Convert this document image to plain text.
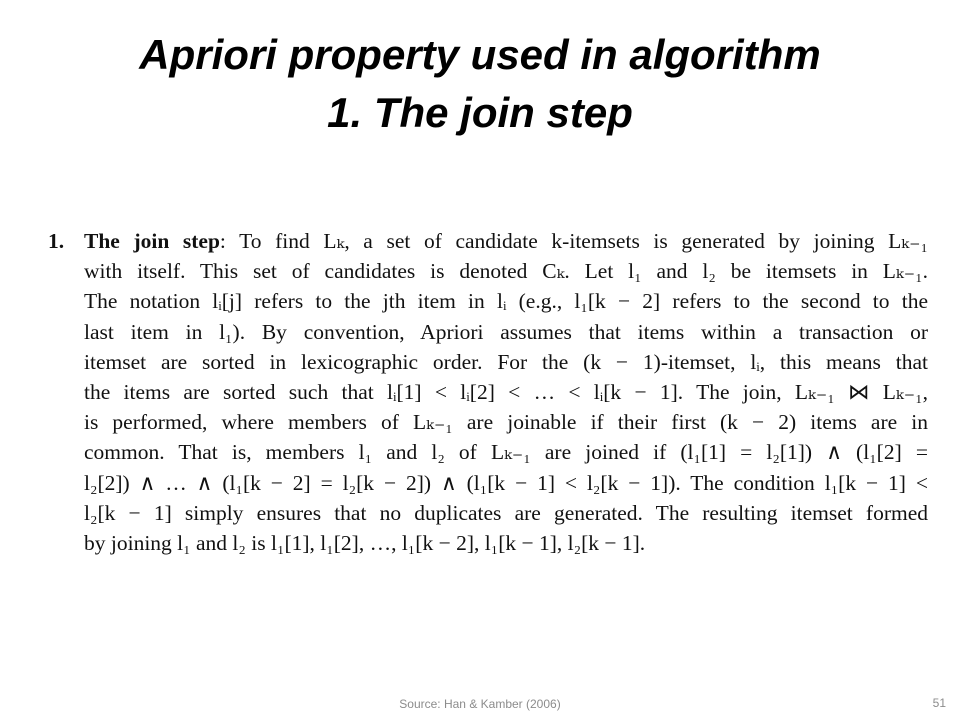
Apriori property used in algorithm
1. The join step
1. The join step: To find Lₖ, a set of candidate k-itemsets is generated by joining Lₖ₋₁
with itself. This set of candidates is denoted Cₖ. Let l₁ and l₂ be itemsets in Lₖ₋₁.
The notation lᵢ[j] refers to the jth item in lᵢ (e.g., l₁[k − 2] refers to the second to the
last item in l₁). By convention, Apriori assumes that items within a transaction or
itemset are sorted in lexicographic order. For the (k − 1)-itemset, lᵢ, this means that
the items are sorted such that lᵢ[1] < lᵢ[2] < … < lᵢ[k − 1]. The join, Lₖ₋₁ ⋈ Lₖ₋₁,
is performed, where members of Lₖ₋₁ are joinable if their first (k − 2) items are in
common. That is, members l₁ and l₂ of Lₖ₋₁ are joined if (l₁[1] = l₂[1]) ∧ (l₁[2] =
l₂[2]) ∧ … ∧ (l₁[k − 2] = l₂[k − 2]) ∧ (l₁[k − 1] < l₂[k − 1]). The condition l₁[k − 1] <
l₂[k − 1] simply ensures that no duplicates are generated. The resulting itemset formed
by joining l₁ and l₂ is l₁[1], l₁[2], …, l₁[k − 2], l₁[k − 1], l₂[k − 1].
Source: Han & Kamber (2006)	51
